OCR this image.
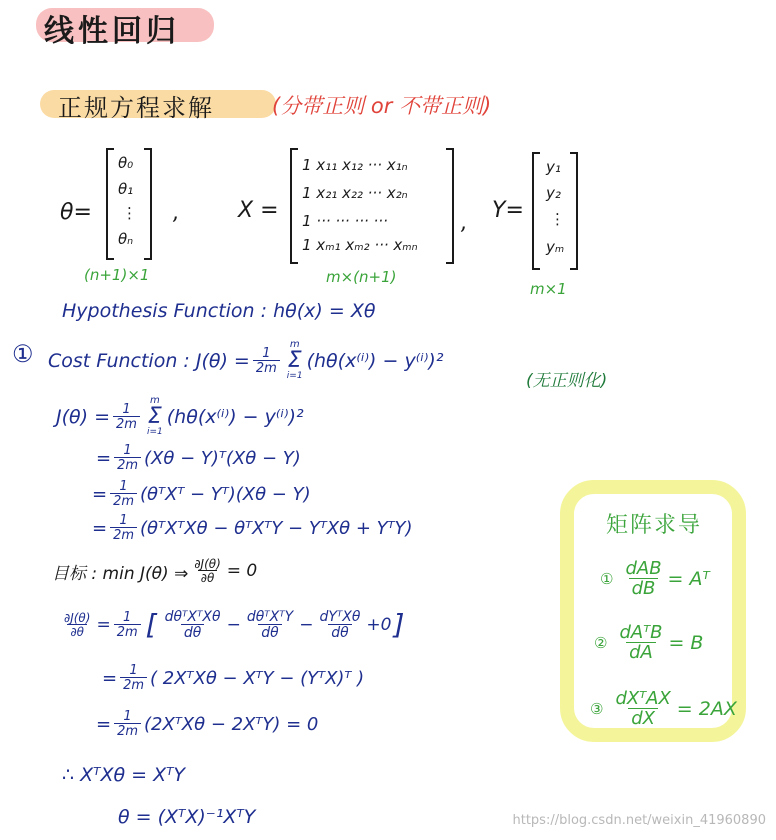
线性回归
正规方程求解	(分带正则 or 不带正则)
θ=
θ₀
θ₁
⋮
θₙ
(n+1)×1
,	X =
1 x₁₁ x₁₂ ··· x₁ₙ
1 x₂₁ x₂₂ ··· x₂ₙ
1 ··· ··· ··· ···
1 xₘ₁ xₘ₂ ··· xₘₙ
m×(n+1)
, Y=
y₁
y₂
⋮
yₘ
m×1
Hypothesis Function : hθ(x) = Xθ
① Cost Function : $J(\theta) = \frac{1}{2m}$
m
Σ
i=1
(hθ(x⁽ⁱ⁾) − y⁽ⁱ⁾)²
(无正则化)
$J(\theta) = \frac{1}{2m}$
m
Σ
i=1
(hθ(x⁽ⁱ⁾) − y⁽ⁱ⁾)²
= $\frac{1}{2m} (X\theta$ − Y)ᵀ(Xθ − Y)
= $\frac{1}{2m}$ (θᵀXᵀ − Yᵀ)(Xθ − Y)
= $\frac{1}{2m}$ (θᵀXᵀXθ − θᵀXᵀY − YᵀXθ + YᵀY)
目标 : min J(θ) ⇒ $\frac{\partial J(\theta)}{\partial\theta} = 0$
$\frac{\partial J(\theta)}{\partial\theta} = \frac{1}{2m}$ [ $\frac{\text{dθᵀXᵀXθ}}{d\theta} - \frac{\text{dθᵀXᵀY}}{d\theta} - \frac{\text{dYᵀXθ}}{d\theta} +0$ ]
= $\frac{1}{2m}$ ( 2XᵀXθ − XᵀY − (YᵀX)ᵀ )
= $\frac{1}{2m}$ (2XᵀXθ − 2XᵀY) = 0
∴ XᵀXθ = XᵀY
θ = (XᵀX)⁻¹XᵀY
矩阵求导
① $\frac{\text{dAB}}{dB}$ = Aᵀ
② $\frac{\text{dAᵀB}}{dA} = B$
③ $\frac{\text{dXᵀAX}}{dX} = 2AX$
https://blog.csdn.net/weixin_41960890
